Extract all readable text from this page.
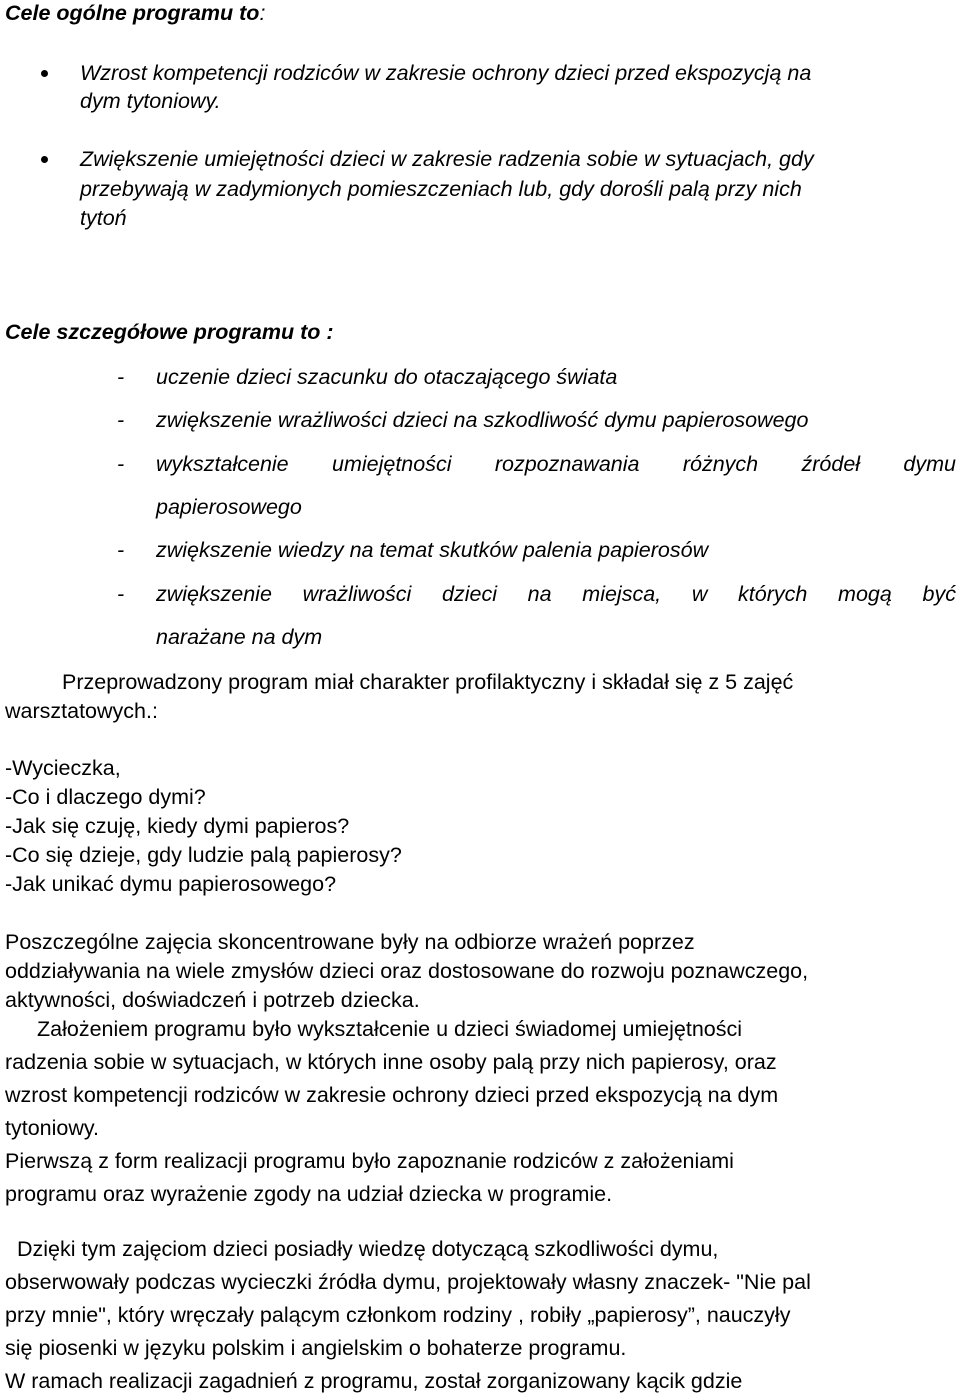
Cele ogólne programu to:
Wzrost kompetencji rodziców w zakresie ochrony dzieci przed ekspozycją na
dym tytoniowy.
Zwiększenie umiejętności dzieci w zakresie radzenia sobie w sytuacjach, gdy
przebywają w zadymionych pomieszczeniach lub, gdy dorośli palą przy nich
tytoń
Cele szczegółowe programu to :
- uczenie dzieci szacunku do otaczającego świata
- zwiększenie wrażliwości dzieci na szkodliwość dymu papierosowego
- wykształcenie umiejętności rozpoznawania różnych źródeł dymu
papierosowego
- zwiększenie wiedzy na temat skutków palenia papierosów
- zwiększenie wrażliwości dzieci na miejsca, w których mogą być
narażane na dym
Przeprowadzony program miał charakter profilaktyczny i składał się z 5 zajęć
warsztatowych.:
-Wycieczka,
-Co i dlaczego dymi?
-Jak się czuję, kiedy dymi papieros?
-Co się dzieje, gdy ludzie palą papierosy?
-Jak unikać dymu papierosowego?
Poszczególne zajęcia skoncentrowane były na odbiorze wrażeń poprzez
oddziaływania na wiele zmysłów dzieci oraz dostosowane do rozwoju poznawczego,
aktywności, doświadczeń i potrzeb dziecka.
Założeniem programu było wykształcenie u dzieci świadomej umiejętności
radzenia sobie w sytuacjach, w których inne osoby palą przy nich papierosy, oraz
wzrost kompetencji rodziców w zakresie ochrony dzieci przed ekspozycją na dym
tytoniowy.
Pierwszą z form realizacji programu było zapoznanie rodziców z założeniami
programu oraz wyrażenie zgody na udział dziecka w programie.
Dzięki tym zajęciom dzieci posiadły wiedzę dotyczącą szkodliwości dymu,
obserwowały podczas wycieczki źródła dymu, projektowały własny znaczek- "Nie pal
przy mnie", który wręczały palącym członkom rodziny , robiły „papierosy”, nauczyły
się piosenki w języku polskim i angielskim o bohaterze programu.
W ramach realizacji zagadnień z programu, został zorganizowany kącik gdzie
